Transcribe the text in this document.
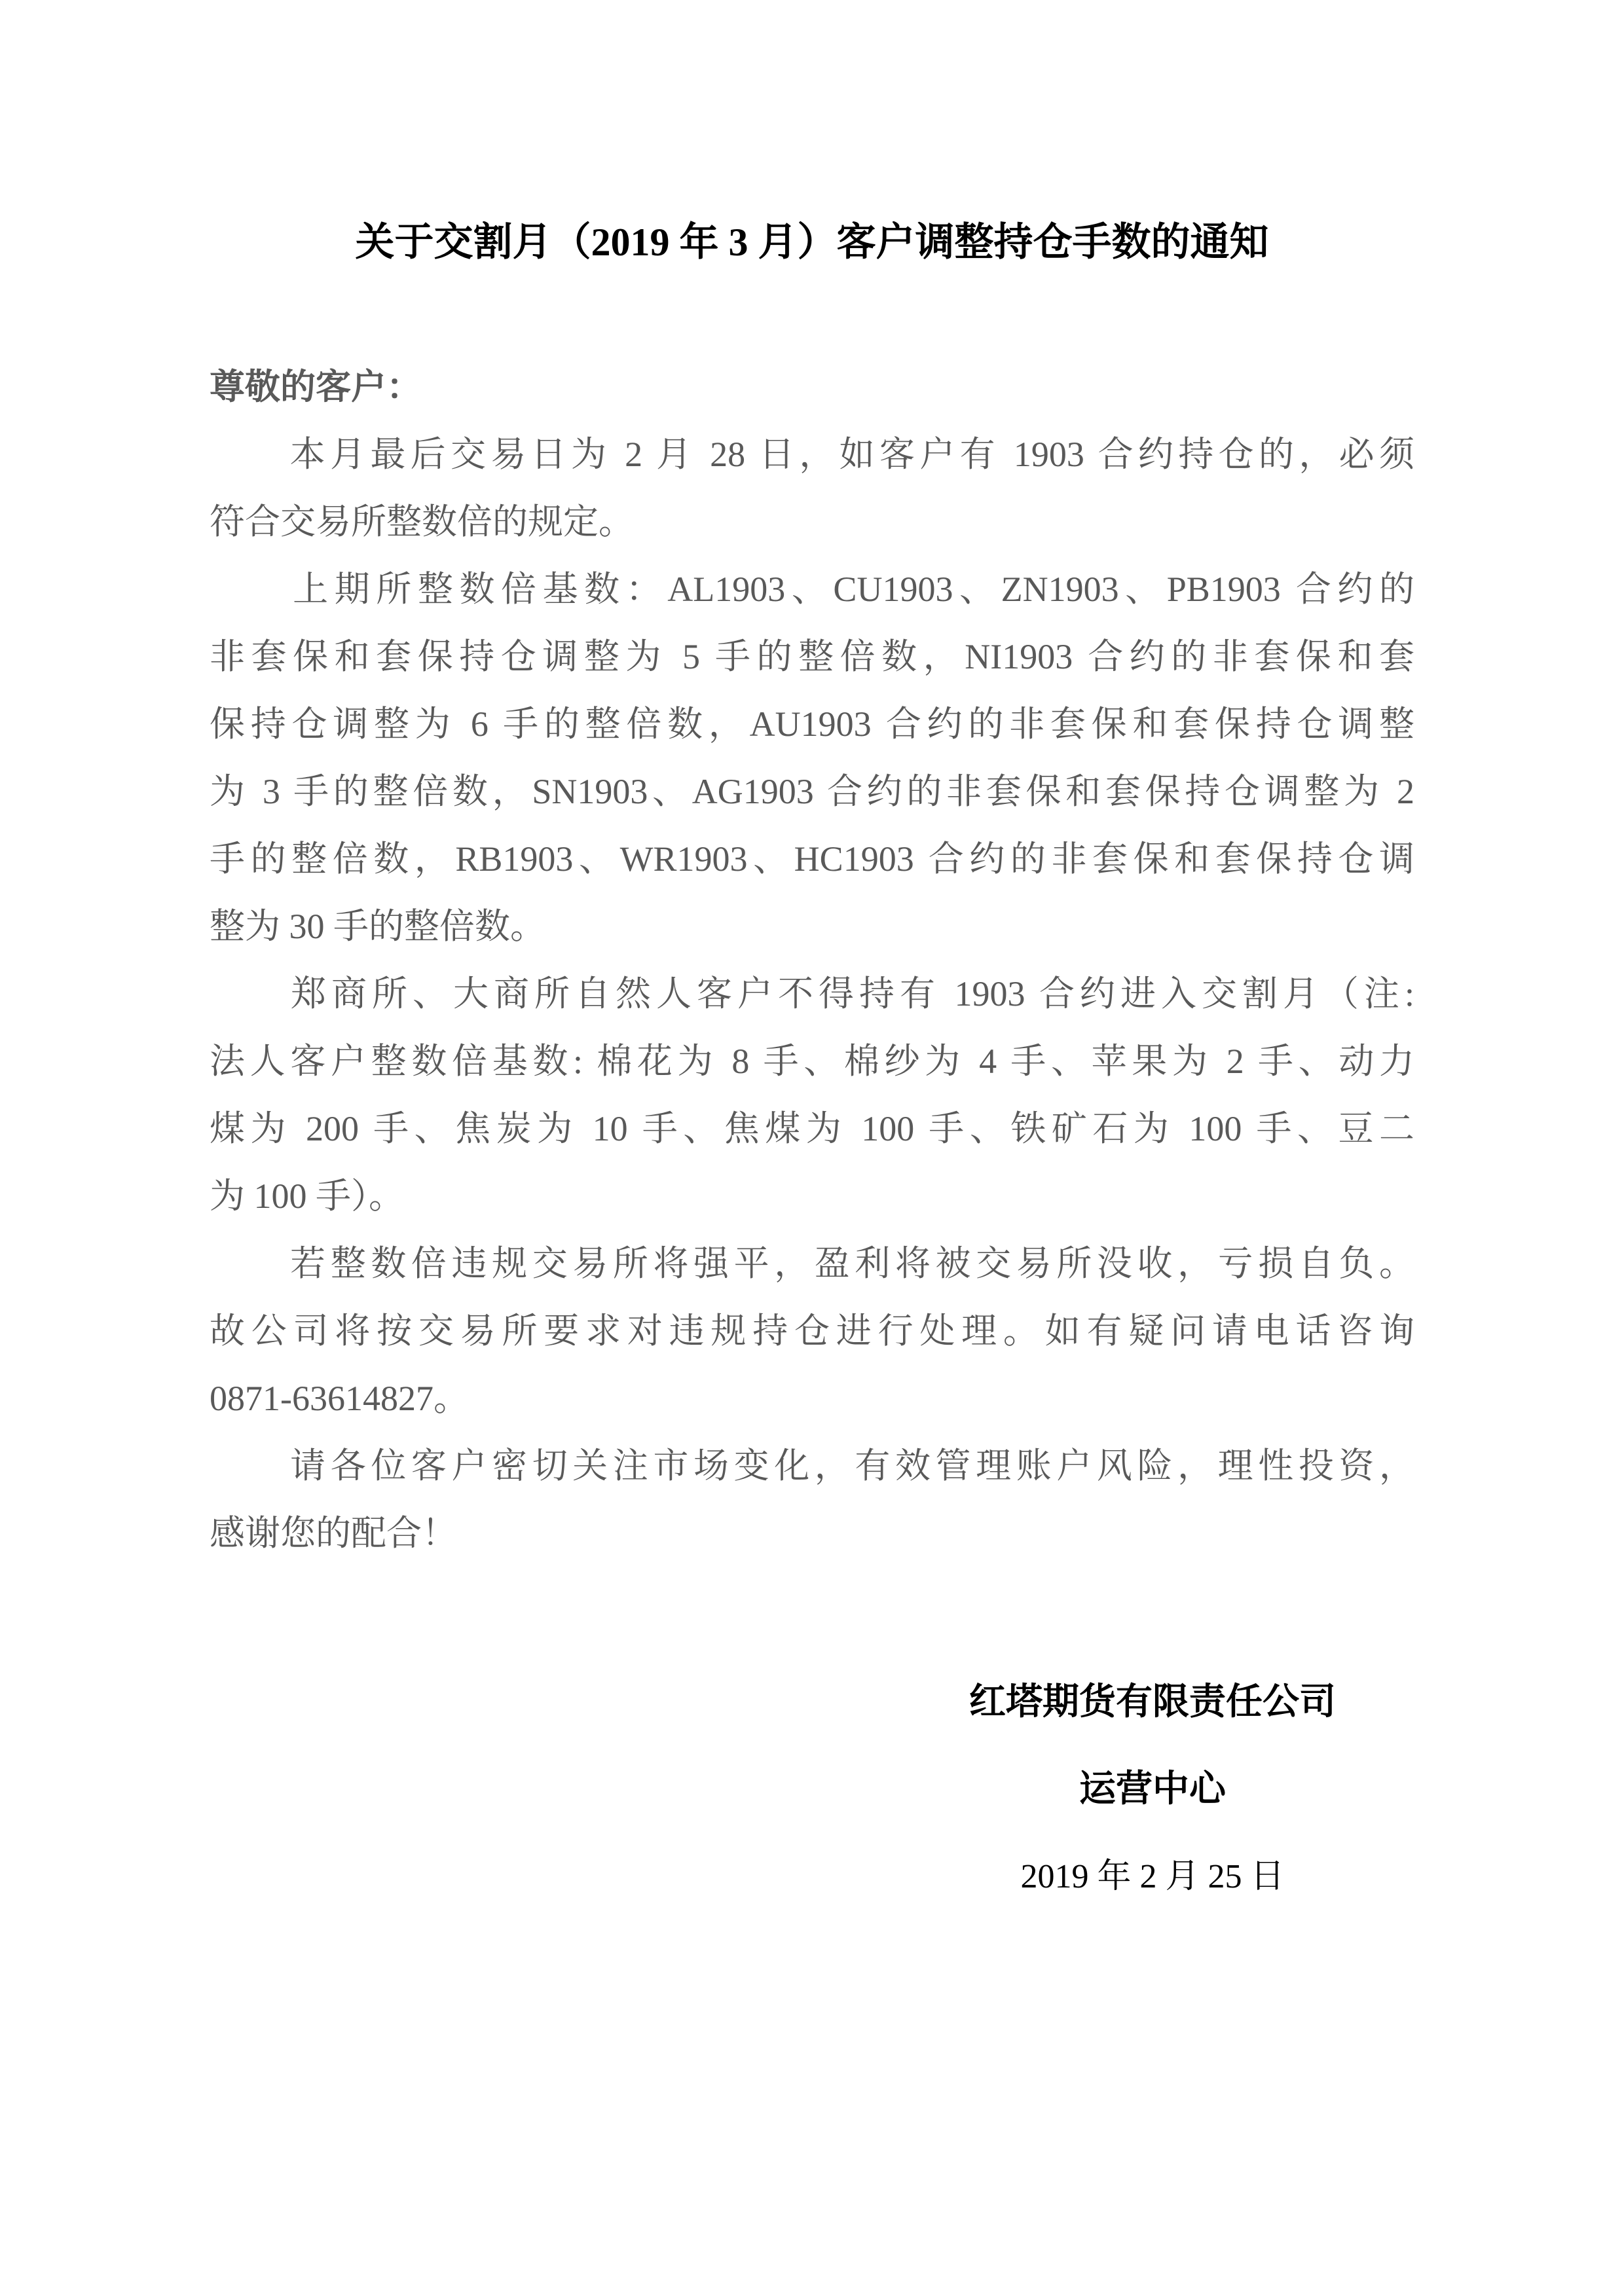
关于交割月（2019 年 3 月）客户调整持仓手数的通知
尊敬的客户：
　　本月最后交易日为 2 月 28 日，如客户有 1903 合约持仓的，必须
符合交易所整数倍的规定。
　　上期所整数倍基数：AL1903、CU1903、ZN1903、PB1903 合约的
非套保和套保持仓调整为 5 手的整倍数，NI1903 合约的非套保和套
保持仓调整为 6 手的整倍数，AU1903 合约的非套保和套保持仓调整
为 3 手的整倍数，SN1903、AG1903 合约的非套保和套保持仓调整为 2
手的整倍数，RB1903、WR1903、HC1903 合约的非套保和套保持仓调
整为 30 手的整倍数。
　　郑商所、大商所自然人客户不得持有 1903 合约进入交割月（注:
法人客户整数倍基数: 棉花为 8 手、棉纱为 4 手、苹果为 2 手、动力
煤为 200 手、焦炭为 10 手、焦煤为 100 手、铁矿石为 100 手、豆二
为 100 手）。
　　若整数倍违规交易所将强平，盈利将被交易所没收，亏损自负。
故公司将按交易所要求对违规持仓进行处理。如有疑问请电话咨询
0871-63614827。
　　请各位客户密切关注市场变化，有效管理账户风险，理性投资，
感谢您的配合！
红塔期货有限责任公司
运营中心
2019 年 2 月 25 日
